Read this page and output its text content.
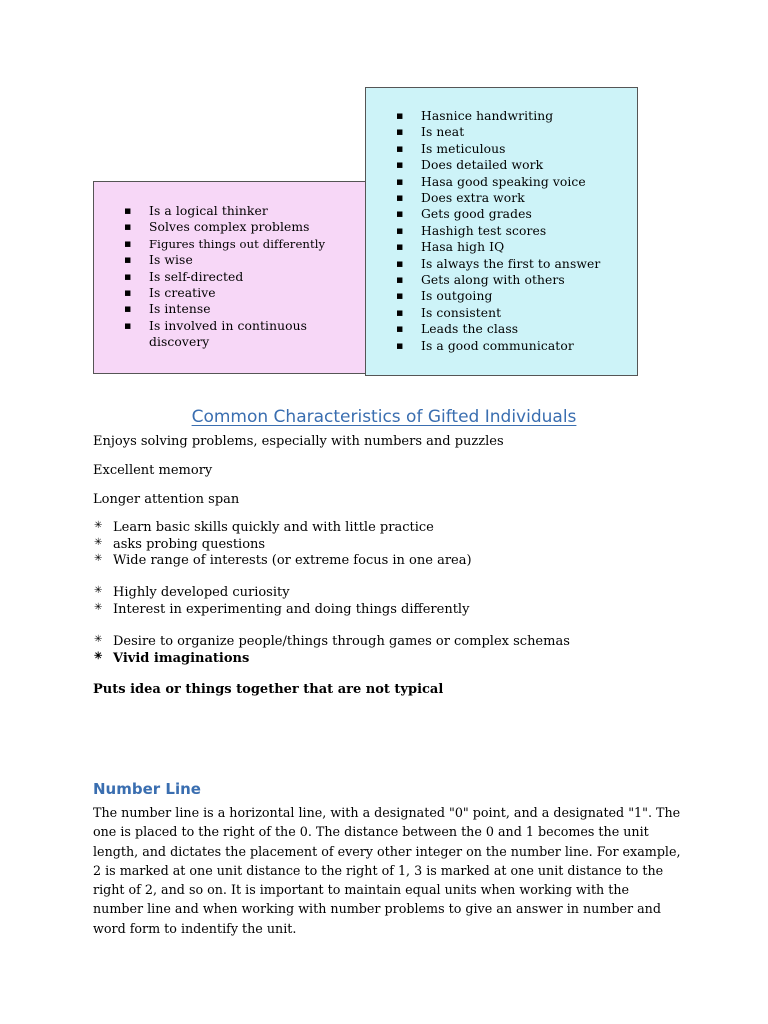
▪ Is a logical thinker
▪ Solves complex problems
▪ Figures things out differently
▪ Is wise
▪ Is self-directed
▪ Is creative
▪ Is intense
▪ Is involved in continuous discovery
▪ Hasnice handwriting
▪ Is neat
▪ Is meticulous
▪ Does detailed work
▪ Hasa good speaking voice
▪ Does extra work
▪ Gets good grades
▪ Hashigh test scores
▪ Hasa high IQ
▪ Is always the first to answer
▪ Gets along with others
▪ Is outgoing
▪ Is consistent
▪ Leads the class
▪ Is a good communicator
Common Characteristics of Gifted Individuals
Enjoys solving problems, especially with numbers and puzzles
Excellent memory
Longer attention span
✳ Learn basic skills quickly and with little practice
✳ asks probing questions
✳ Wide range of interests (or extreme focus in one area)
✳ Highly developed curiosity
✳ Interest in experimenting and doing things differently
✳ Desire to organize people/things through games or complex schemas
✳ Vivid imaginations
Puts idea or things together that are not typical
Number Line
The number line is a horizontal line, with a designated "0" point, and a designated "1". The one is placed to the right of the 0. The distance between the 0 and 1 becomes the unit length, and dictates the placement of every other integer on the number line. For example, 2 is marked at one unit distance to the right of 1, 3 is marked at one unit distance to the right of 2, and so on. It is important to maintain equal units when working with the number line and when working with number problems to give an answer in number and word form to indentify the unit.
